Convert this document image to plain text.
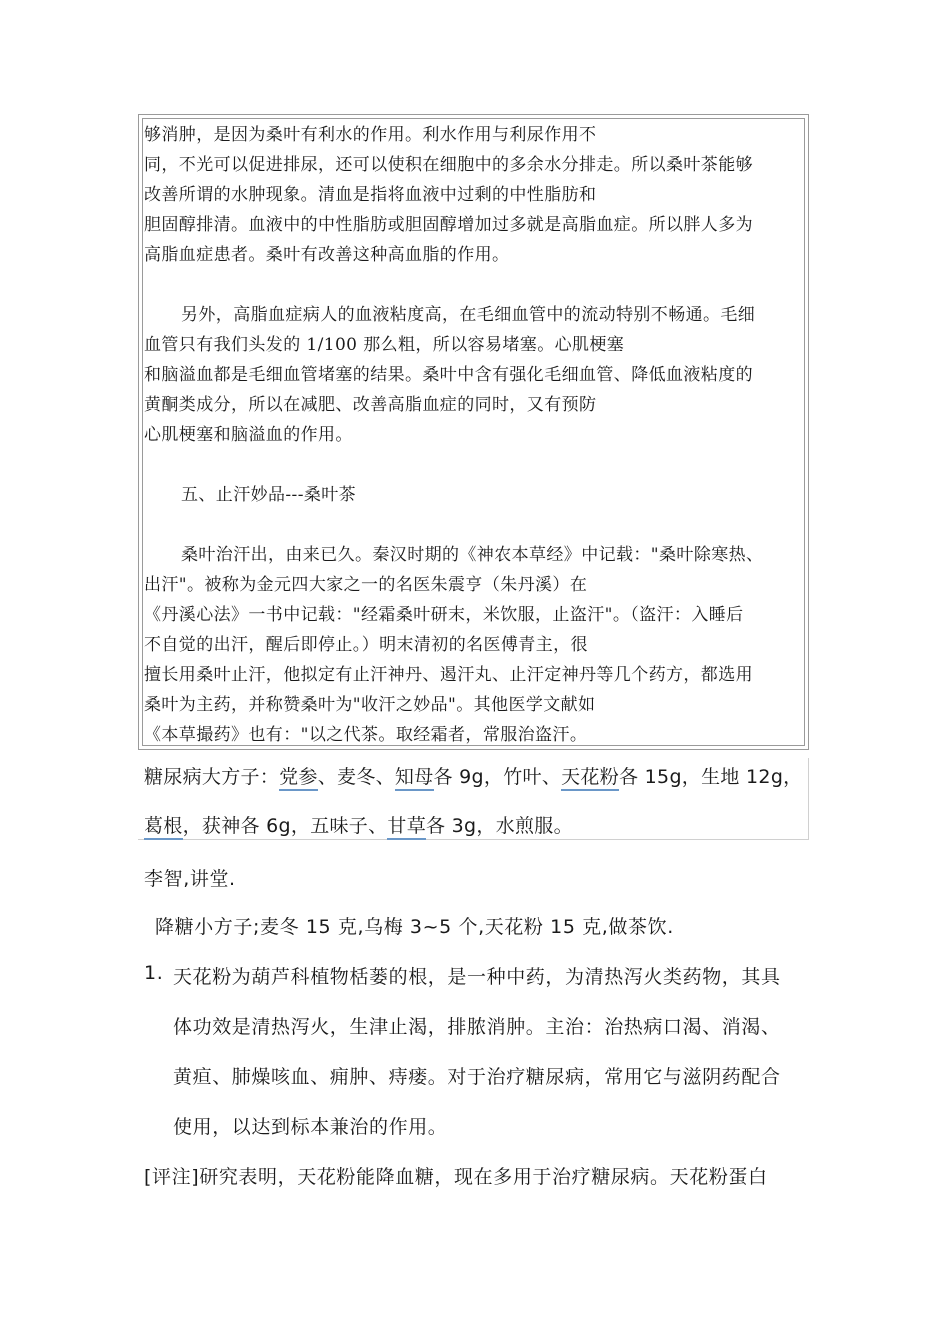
够消肿，是因为桑叶有利水的作用。利水作用与利尿作用不
同，不光可以促进排尿，还可以使积在细胞中的多余水分排走。所以桑叶茶能够
改善所谓的水肿现象。清血是指将血液中过剩的中性脂肪和
胆固醇排清。血液中的中性脂肪或胆固醇增加过多就是高脂血症。所以胖人多为
高脂血症患者。桑叶有改善这种高血脂的作用。
另外，高脂血症病人的血液粘度高，在毛细血管中的流动特别不畅通。毛细
血管只有我们头发的 1/100 那么粗，所以容易堵塞。心肌梗塞
和脑溢血都是毛细血管堵塞的结果。桑叶中含有强化毛细血管、降低血液粘度的
黄酮类成分，所以在减肥、改善高脂血症的同时，又有预防
心肌梗塞和脑溢血的作用。
五、止汗妙品---桑叶茶
桑叶治汗出，由来已久。秦汉时期的《神农本草经》中记载："桑叶除寒热、
出汗"。被称为金元四大家之一的名医朱震亨（朱丹溪）在
《丹溪心法》一书中记载："经霜桑叶研末，米饮服，止盗汗"。（盗汗：入睡后
不自觉的出汗，醒后即停止。）明末清初的名医傅青主，很
擅长用桑叶止汗，他拟定有止汗神丹、遏汗丸、止汗定神丹等几个药方，都选用
桑叶为主药，并称赞桑叶为"收汗之妙品"。其他医学文献如
《本草撮药》也有："以之代茶。取经霜者，常服治盗汗。
糖尿病大方子：党参、麦冬、知母各 9g，竹叶、天花粉各 15g，生地 12g，
葛根，获神各 6g，五味子、甘草各 3g，水煎服。
李智,讲堂.
降糖小方子;麦冬 15 克,乌梅 3~5 个,天花粉 15 克,做茶饮.
1. 天花粉为葫芦科植物栝蒌的根，是一种中药，为清热泻火类药物，其具
体功效是清热泻火，生津止渴，排脓消肿。主治：治热病口渴、消渴、
黄疸、肺燥咳血、痈肿、痔瘘。对于治疗糖尿病，常用它与滋阴药配合
使用，以达到标本兼治的作用。
[评注]研究表明，天花粉能降血糖，现在多用于治疗糖尿病。天花粉蛋白
